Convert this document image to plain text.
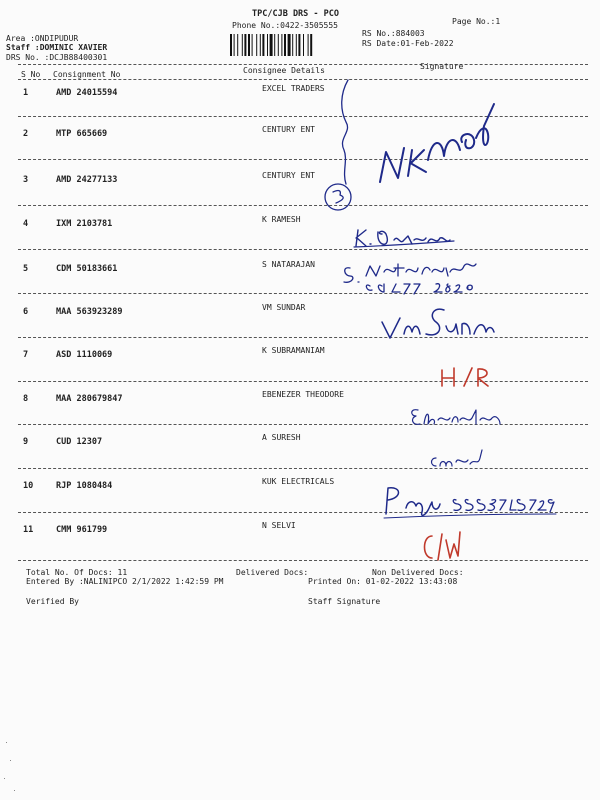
TPC/CJB DRS - PCO
Phone No.:0422-3505555	Page No.:1
RS No.:884003
RS Date:01-Feb-2022
Area :ONDIPUDUR
Staff :DOMINIC XAVIER
DRS No. :DCJB88400301
S No Consignment No	Consignee Details	Signature
1	AMD 24015594	EXCEL TRADERS
2	MTP 665669	CENTURY ENT
3	AMD 24277133	CENTURY ENT
4	IXM 2103781	K RAMESH
5	CDM 50183661	S NATARAJAN
6	MAA 563923289	VM SUNDAR
7	ASD 1110069	K SUBRAMANIAM
8	MAA 280679847	EBENEZER THEODORE
9	CUD 12307	A SURESH
10	RJP 1080484	KUK ELECTRICALS
11	CMM 961799	N SELVI
Total No. Of Docs: 11	Delivered Docs:	Non Delivered Docs:
Entered By :NALINIPCO 2/1/2022 1:42:59 PM	Printed On: 01-02-2022 13:43:08
Verified By	Staff Signature
